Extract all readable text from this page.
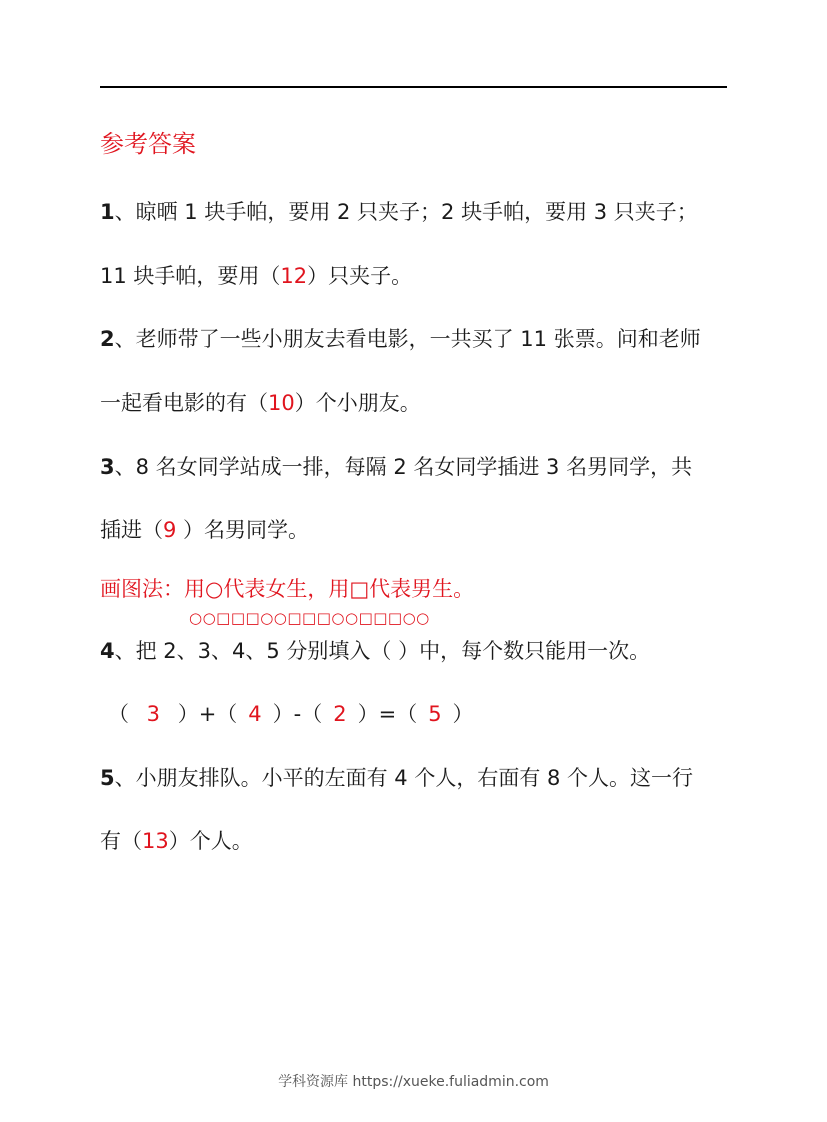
参考答案
1、晾晒 1 块手帕，要用 2 只夹子；2 块手帕，要用 3 只夹子；
11 块手帕，要用（12）只夹子。
2、老师带了一些小朋友去看电影，一共买了 11 张票。问和老师
一起看电影的有（10）个小朋友。
3、8 名女同学站成一排，每隔 2 名女同学插进 3 名男同学，共
插进（9 ）名男同学。
画图法：用○代表女生，用□代表男生。
○○□□□○○□□□○○□□□○○
4、把 2、3、4、5 分别填入（ ）中，每个数只能用一次。
（  3  ）+（ 4 ）-（ 2 ）=（ 5 ）
5、小朋友排队。小平的左面有 4 个人，右面有 8 个人。这一行
有（13）个人。
学科资源库 https://xueke.fuliadmin.com
